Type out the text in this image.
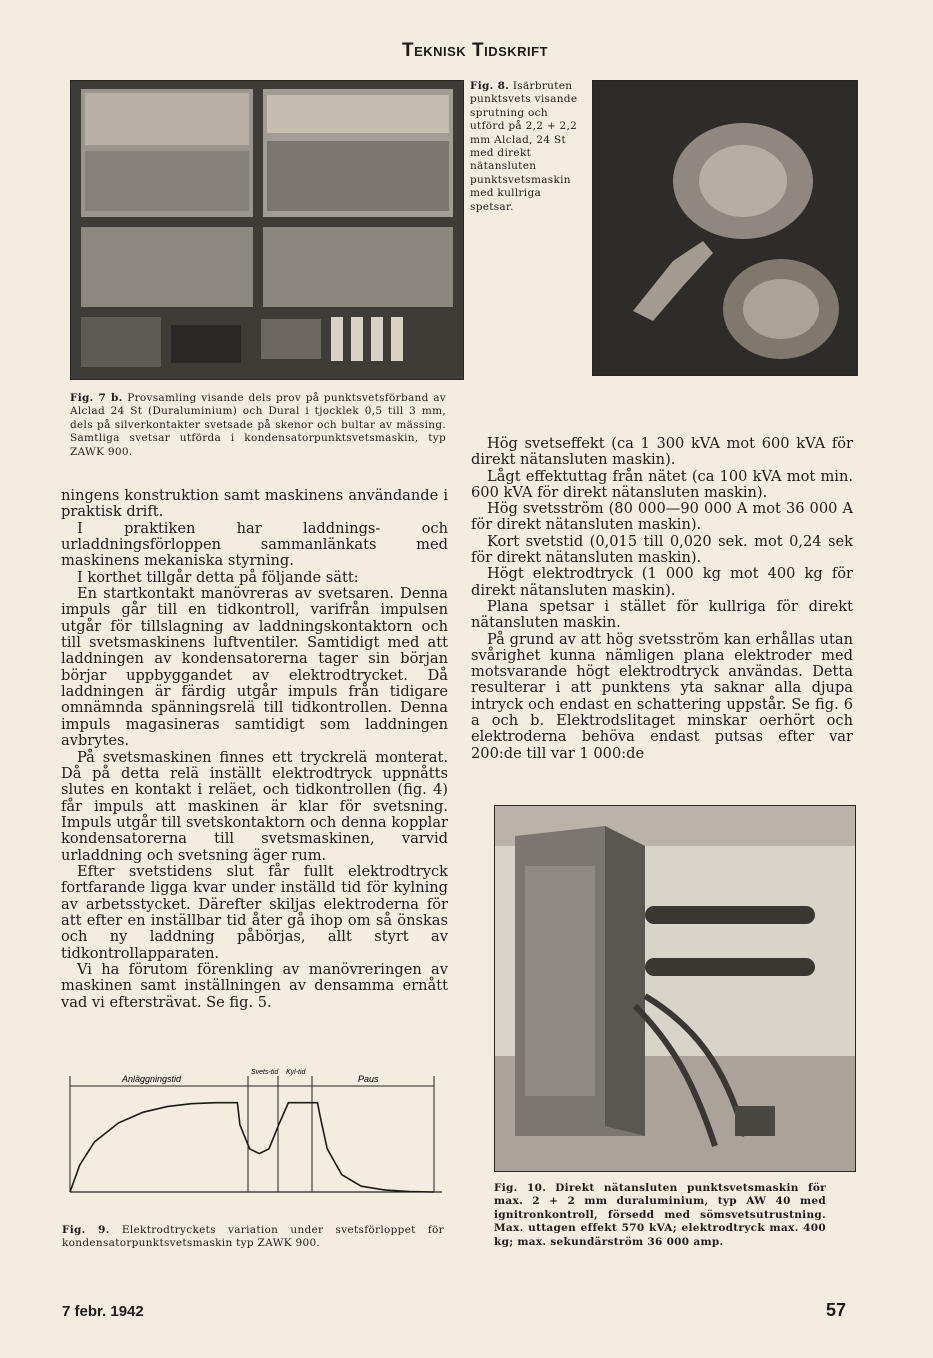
Teknisk Tidskrift
Fig. 7 b. Provsamling visande dels prov på punktsvetsförband av Alclad 24 St (Duraluminium) och Dural i tjocklek 0,5 till 3 mm, dels på silverkontakter svetsade på skenor och bultar av mässing. Samtliga svetsar utförda i kondensatorpunktsvetsmaskin, typ ZAWK 900.
Fig. 8. Isärbruten punktsvets visande sprutning och utförd på 2,2 + 2,2 mm Alclad, 24 St med direkt nätansluten punktsvetsmaskin med kullriga spetsar.

ningens konstruktion samt maskinens användande i praktisk drift.

I praktiken har laddnings- och urladdningsförloppen sammanlänkats med maskinens mekaniska styrning.

I korthet tillgår detta på följande sätt:

En startkontakt manövreras av svetsaren. Denna impuls går till en tidkontroll, varifrån impulsen utgår för tillslagning av laddningskontaktorn och till svetsmaskinens luftventiler. Samtidigt med att laddningen av kondensatorerna tager sin början börjar uppbyggandet av elektrodtrycket. Då laddningen är färdig utgår impuls från tidigare omnämnda spänningsrelä till tidkontrollen. Denna impuls magasineras samtidigt som laddningen avbrytes.

På svetsmaskinen finnes ett tryckrelä monterat. Då på detta relä inställt elektrodtryck uppnåtts slutes en kontakt i reläet, och tidkontrollen (fig. 4) får impuls att maskinen är klar för svetsning. Impuls utgår till svetskontaktorn och denna kopplar kondensatorerna till svetsmaskinen, varvid urladdning och svetsning äger rum.

Efter svetstidens slut får fullt elektrodtryck fortfarande ligga kvar under inställd tid för kylning av arbetsstycket. Därefter skiljas elektroderna för att efter en inställbar tid åter gå ihop om så önskas och ny laddning påbörjas, allt styrt av tidkontrollapparaten.

Vi ha förutom förenkling av manövreringen av maskinen samt inställningen av densamma ernått vad vi eftersträvat. Se fig. 5.

Hög svetseffekt (ca 1 300 kVA mot 600 kVA för direkt nätansluten maskin).

Lågt effektuttag från nätet (ca 100 kVA mot min. 600 kVA för direkt nätansluten maskin).

Hög svetsström (80 000—90 000 A mot 36 000 A för direkt nätansluten maskin).

Kort svetstid (0,015 till 0,020 sek. mot 0,24 sek för direkt nätansluten maskin).

Högt elektrodtryck (1 000 kg mot 400 kg för direkt nätansluten maskin).

Plana spetsar i stället för kullriga för direkt nätansluten maskin.

På grund av att hög svetsström kan erhållas utan svårighet kunna nämligen plana elektroder med motsvarande högt elektrodtryck användas. Detta resulterar i att punktens yta saknar alla djupa intryck och endast en schattering uppstår. Se fig. 6 a och b. Elektrodslitaget minskar oerhört och elektroderna behöva endast putsas efter var 200:de till var 1 000:de

Anläggningstid
Svets-tid Kyl-tid
Paus
Fig. 9. Elektrodtryckets variation under svetsförloppet för kondensatorpunktsvetsmaskin typ ZAWK 900.
Fig. 10. Direkt nätansluten punktsvetsmaskin för max. 2 + 2 mm duraluminium, typ AW 40 med ignitronkontroll, försedd med sömsvetsutrustning. Max. uttagen effekt 570 kVA; elektrodtryck max. 400 kg; max. sekundärström 36 000 amp.
7 febr. 1942	57
